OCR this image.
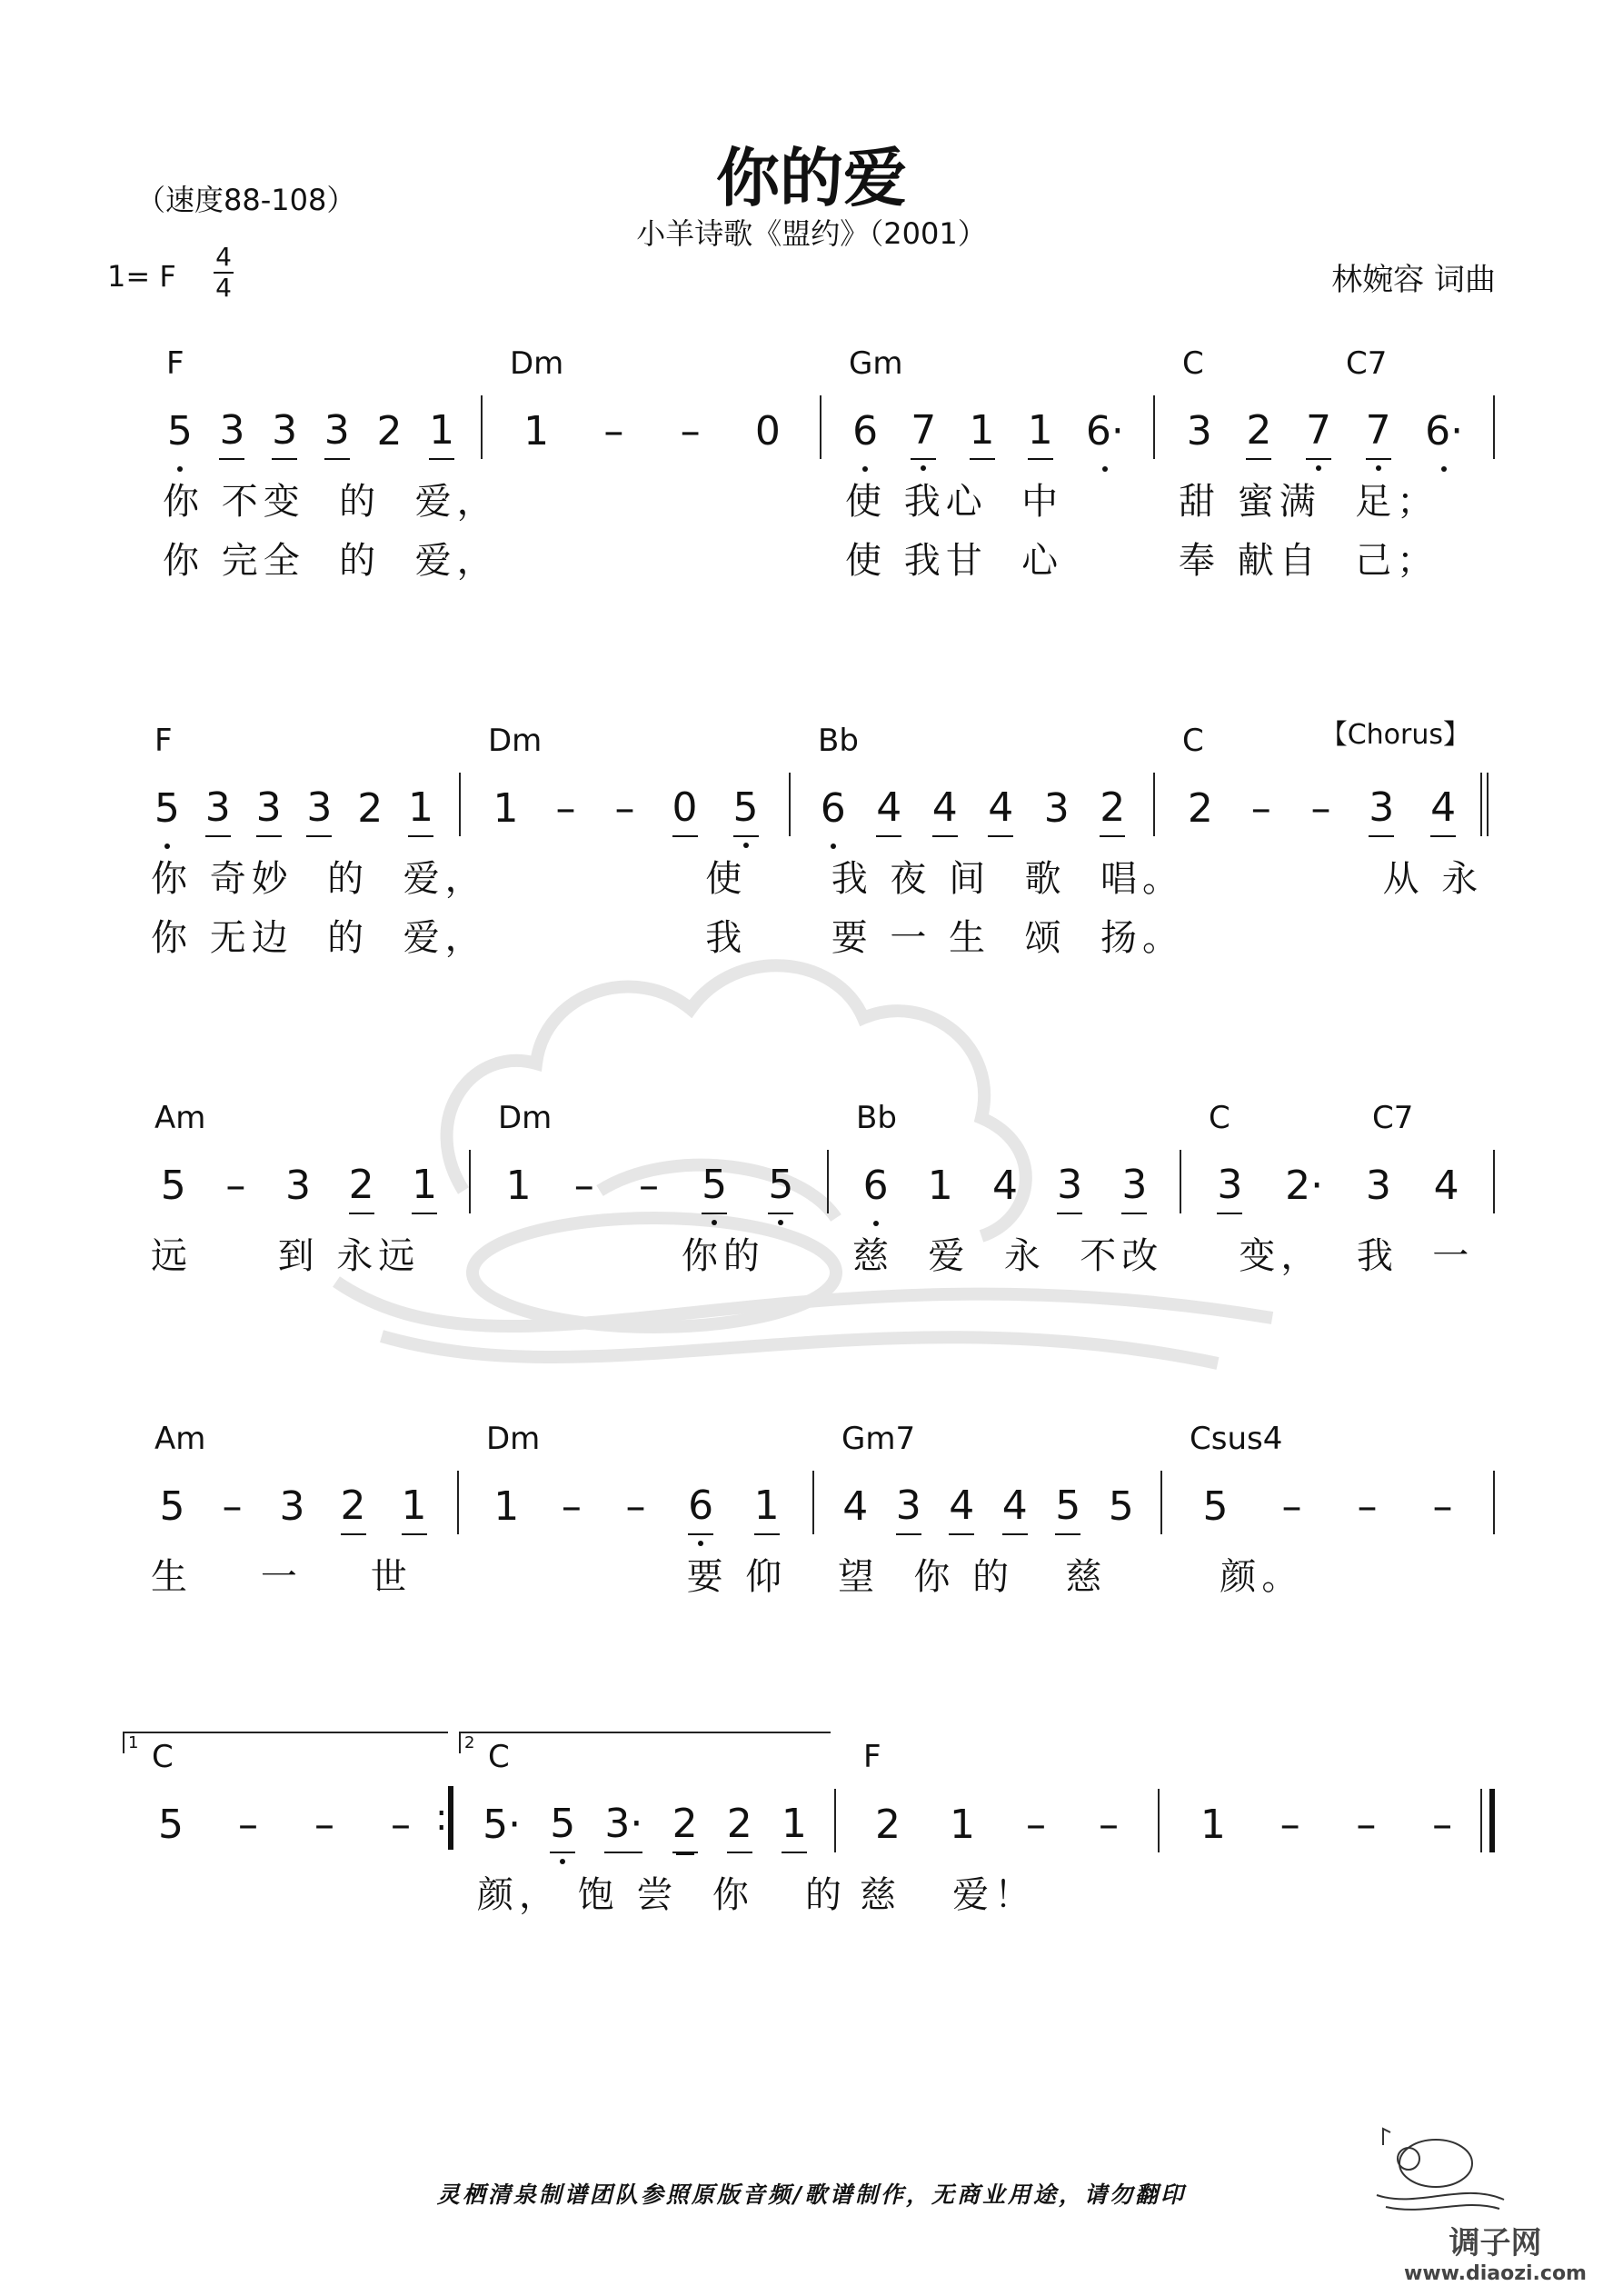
你的爱
小羊诗歌《盟约》（2001）
（速度88-108）
1= F
4
4	林婉容 词曲
F
5 3 3 3 2 1
你 不变  的  爱，
你 完全  的  爱，
Dm
1 – – 0
Gm
6 7 1 1 6·
使 我心  中
使 我甘  心
C	C7
3 2 7 7 6·
甜 蜜满  足；
奉 献自  己；
【Chorus】
F
5 3 3 3 2 1
你 奇妙  的  爱，
你 无边  的  爱，
Dm
1 – – 0 5
使
我
Bb
6 4 4 4 3 2
我 夜 间  歌  唱。
要 一 生  颂  扬。
C
2 – – 3 4
从 永
Am
5 – 3 2 1
远     到 永远
Dm
1 – – 5 5
你的
Bb
6 1 4 3 3
慈  爱  永  不改
C	C7
3 2· 3 4
变，  我  一
Am
5 – 3 2 1
生    一    世
Dm
1 – – 6 1
要 仰
Gm7
4 3 4 4 5 5
望  你 的   慈
Csus4
5 – – –
颜。
1 C
5 – – –
:
2 C
5· 5 3· 2 2 1
颜， 饱 尝  你   的
F
2 1 – –
慈   爱！
1 – – –
灵栖清泉制谱团队参照原版音频/歌谱制作，无商业用途，请勿翻印
调子网
www.diaozi.com
